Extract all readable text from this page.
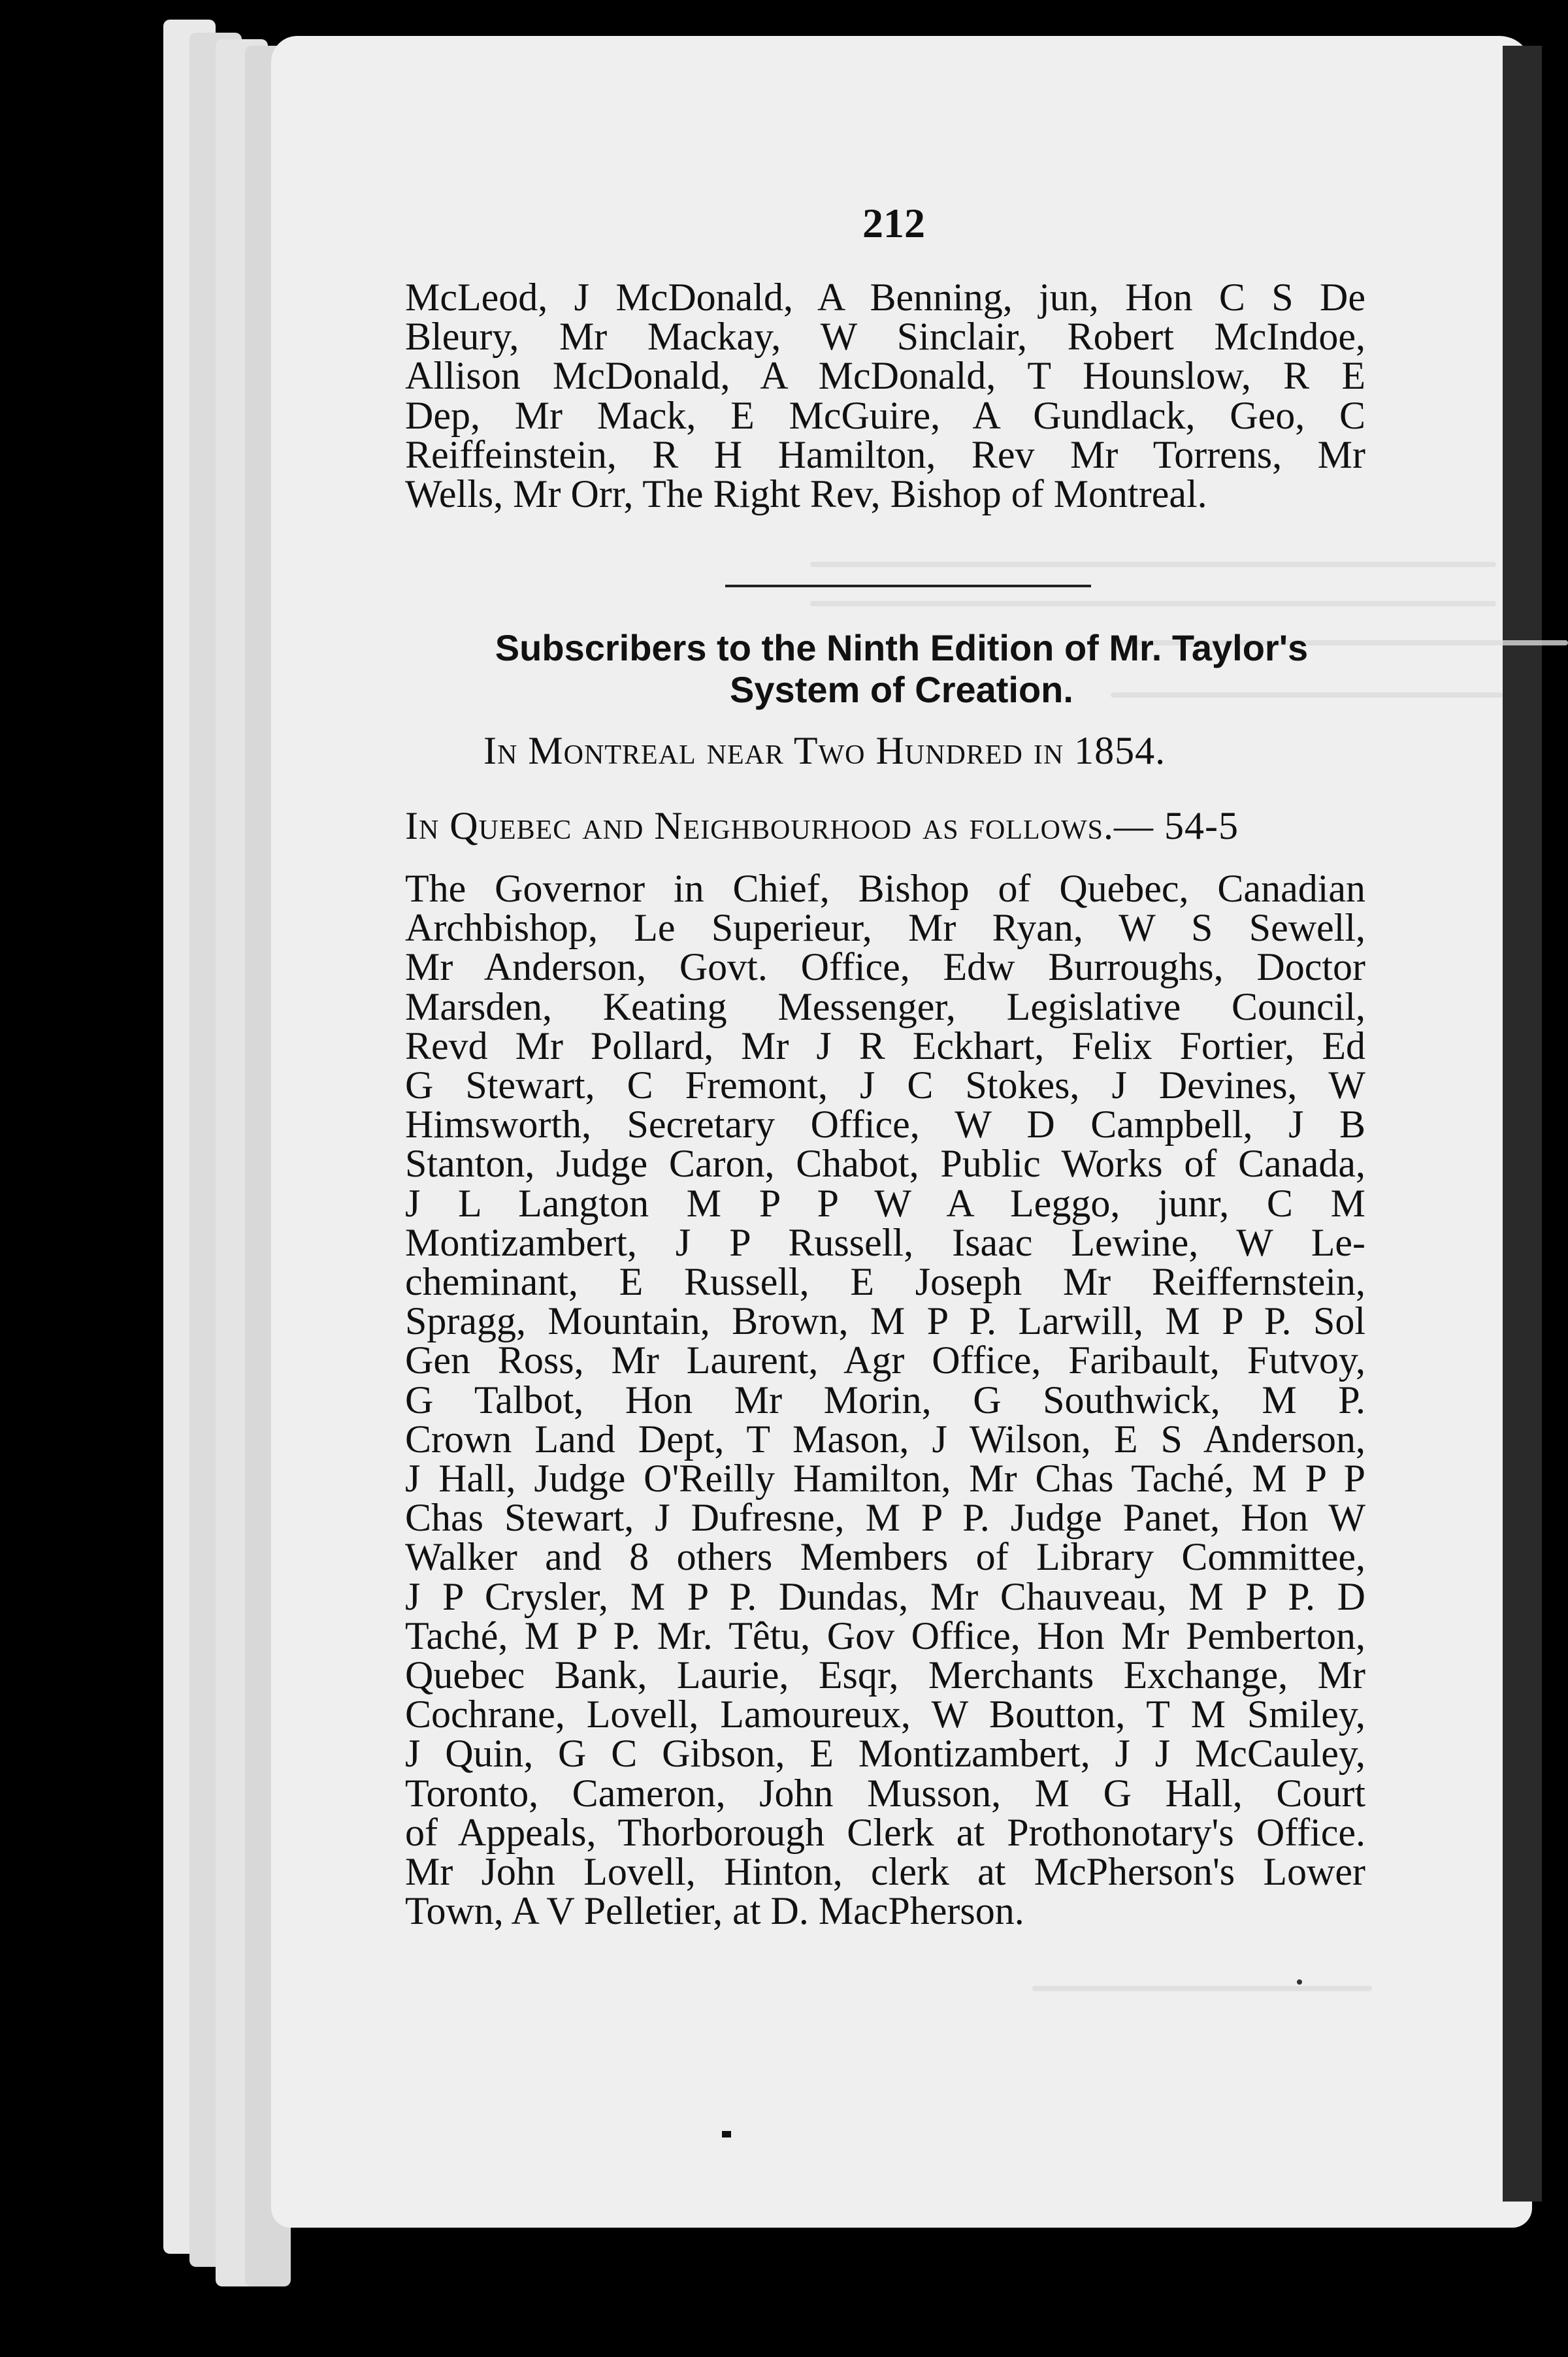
212
McLeod, J McDonald, A Benning, jun, Hon C S De
Bleury, Mr Mackay, W Sinclair, Robert McIndoe,
Allison McDonald, A McDonald, T Hounslow, R E
Dep, Mr Mack, E McGuire, A Gundlack, Geo, C
Reiffeinstein, R H Hamilton, Rev Mr Torrens, Mr
Wells, Mr Orr, The Right Rev, Bishop of Montreal.
Subscribers to the Ninth Edition of Mr. Taylor's
System of Creation.
In Montreal near Two Hundred in 1854.
In Quebec and Neighbourhood as follows.— 54-5
The Governor in Chief, Bishop of Quebec, Canadian
Archbishop, Le Superieur, Mr Ryan, W S Sewell,
Mr Anderson, Govt. Office, Edw Burroughs, Doctor
Marsden, Keating Messenger, Legislative Council,
Revd Mr Pollard, Mr J R Eckhart, Felix Fortier, Ed
G Stewart, C Fremont, J C Stokes, J Devines, W
Himsworth, Secretary Office, W D Campbell, J B
Stanton, Judge Caron, Chabot, Public Works of Canada,
J L Langton M P P W A Leggo, junr, C M
Montizambert, J P Russell, Isaac Lewine, W Le-
cheminant, E Russell, E Joseph Mr Reiffernstein,
Spragg, Mountain, Brown, M P P. Larwill, M P P. Sol
Gen Ross, Mr Laurent, Agr Office, Faribault, Futvoy,
G Talbot, Hon Mr Morin, G Southwick, M P.
Crown Land Dept, T Mason, J Wilson, E S Anderson,
J Hall, Judge O'Reilly Hamilton, Mr Chas Taché, M P P
Chas Stewart, J Dufresne, M P P. Judge Panet, Hon W
Walker and 8 others Members of Library Committee,
J P Crysler, M P P. Dundas, Mr Chauveau, M P P. D
Taché, M P P. Mr. Têtu, Gov Office, Hon Mr Pemberton,
Quebec Bank, Laurie, Esqr, Merchants Exchange, Mr
Cochrane, Lovell, Lamoureux, W Boutton, T M Smiley,
J Quin, G C Gibson, E Montizambert, J J McCauley,
Toronto, Cameron, John Musson, M G Hall, Court
of Appeals, Thorborough Clerk at Prothonotary's Office.
Mr John Lovell, Hinton, clerk at McPherson's Lower
Town, A V Pelletier, at D. MacPherson.
